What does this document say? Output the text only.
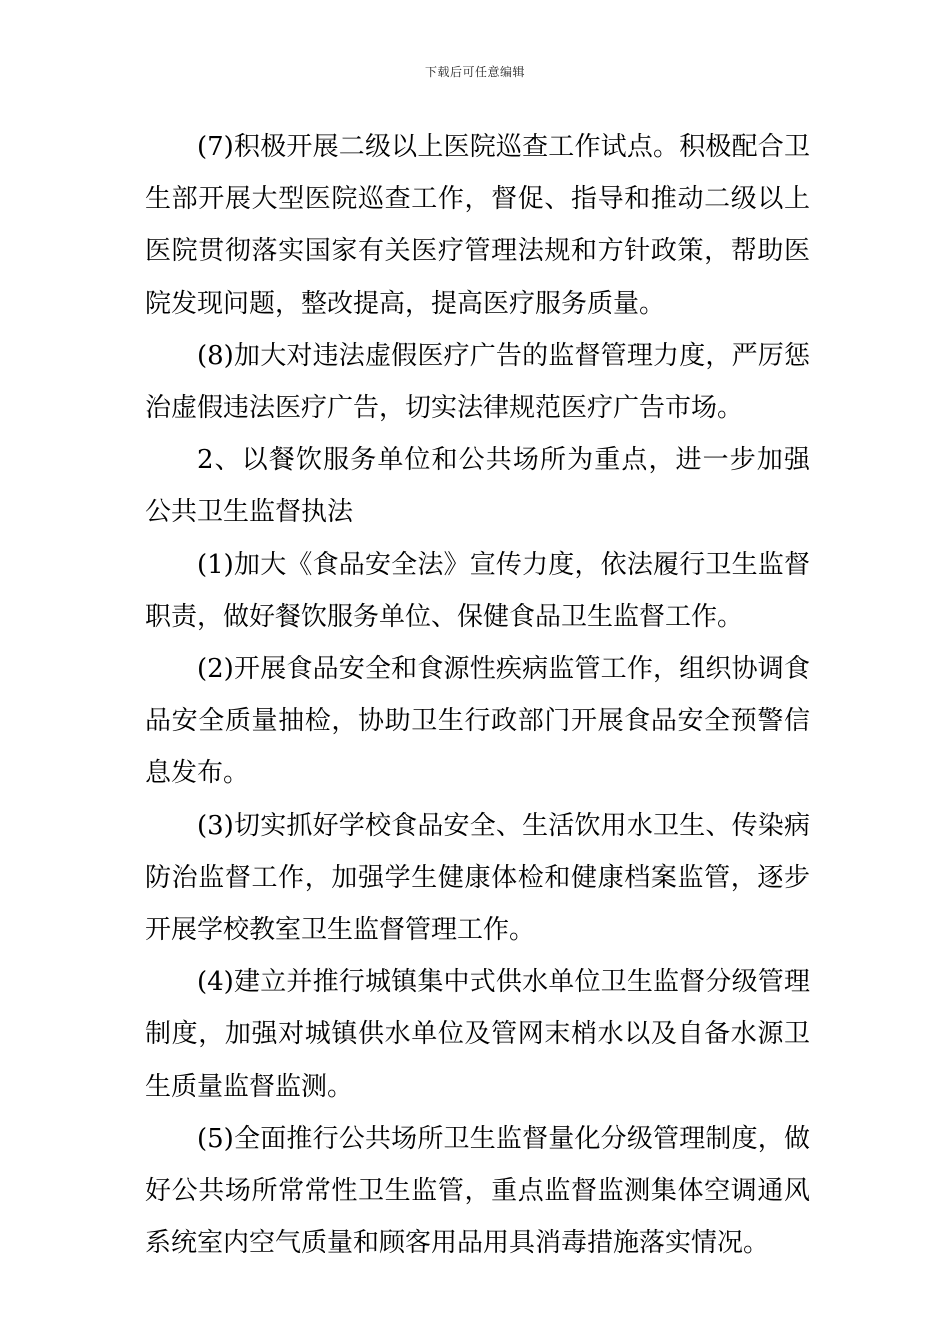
下载后可任意编辑

(7)积极开展二级以上医院巡查工作试点。积极配合卫生部开展大型医院巡查工作，督促、指导和推动二级以上医院贯彻落实国家有关医疗管理法规和方针政策，帮助医院发现问题，整改提高，提高医疗服务质量。

(8)加大对违法虚假医疗广告的监督管理力度，严厉惩治虚假违法医疗广告，切实法律规范医疗广告市场。

2、以餐饮服务单位和公共场所为重点，进一步加强公共卫生监督执法

(1)加大《食品安全法》宣传力度，依法履行卫生监督职责，做好餐饮服务单位、保健食品卫生监督工作。

(2)开展食品安全和食源性疾病监管工作，组织协调食品安全质量抽检，协助卫生行政部门开展食品安全预警信息发布。

(3)切实抓好学校食品安全、生活饮用水卫生、传染病防治监督工作，加强学生健康体检和健康档案监管，逐步开展学校教室卫生监督管理工作。

(4)建立并推行城镇集中式供水单位卫生监督分级管理制度，加强对城镇供水单位及管网末梢水以及自备水源卫生质量监督监测。

(5)全面推行公共场所卫生监督量化分级管理制度，做好公共场所常常性卫生监管，重点监督监测集体空调通风系统室内空气质量和顾客用品用具消毒措施落实情况。
